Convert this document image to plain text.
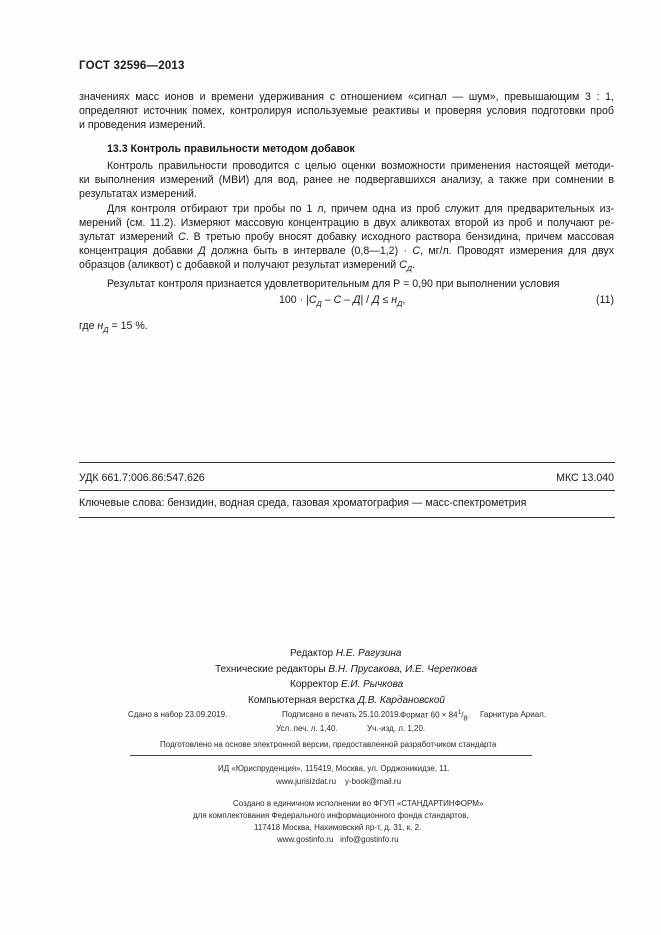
ГОСТ 32596—2013
значениях масс ионов и времени удерживания с отношением «сигнал — шум», превышающим 3 : 1,
определяют источник помех, контролируя используемые реактивы и проверяя условия подготовки проб
и проведения измерений.
13.3 Контроль правильности методом добавок
Контроль правильности проводится с целью оценки возможности применения настоящей методи-
ки выполнения измерений (МВИ) для вод, ранее не подвергавшихся анализу, а также при сомнении в
результатах измерений.
Для контроля отбирают три пробы по 1 л, причем одна из проб служит для предварительных из-
мерений (см. 11.2). Измеряют массовую концентрацию в двух аликвотах второй из проб и получают ре-
зультат измерений С. В третью пробу вносят добавку исходного раствора бензидина, причем массовая
концентрация добавки Д должна быть в интервале (0,8—1,2) · С, мг/л. Проводят измерения для двух
образцов (аликвот) с добавкой и получают результат измерений $С_Д$.
Результат контроля признается удовлетворительным для Р = 0,90 при выполнении условия
$100 \cdot |С_Д - С - Д| / Д \le н_Д$,	(11)
где $н_Д = 15$ %.
УДК 661.7:006.86:547.626	МКС 13.040
Ключевые слова: бензидин, водная среда, газовая хроматография — масс-спектрометрия
Редактор Н.Е. Рагузина
Технические редакторы В.Н. Прусакова, И.Е. Черепкова
Корректор Е.И. Рычкова
Компьютерная верстка Д.В. Кардановской
Сдано в набор 23.09.2019.	Подписано в печать 25.10.2019. Формат $60 \times 84^1/_8$. Гарнитура Ариал.
Усл. печ. л. 1,40.	Уч.-изд. л. 1,20.
Подготовлено на основе электронной версии, предоставленной разработчиком стандарта
ИД «Юриспруденция», 115419, Москва, ул. Орджоникидзе, 11.
www.jurisizdat.ru y-book@mail.ru
Создано в единичном исполнении во ФГУП «СТАНДАРТИНФОРМ»
для комплектования Федерального информационного фонда стандартов,
117418 Москва, Нахимовский пр-т, д. 31, к. 2.
www.gostinfo.ru info@gostinfo.ru
